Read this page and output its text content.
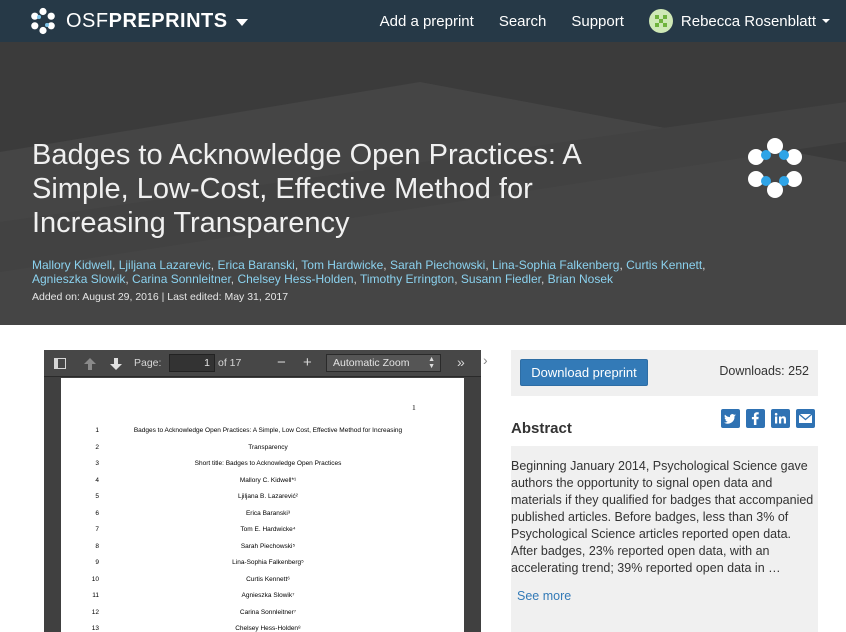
OSF PREPRINTS	Add a preprint Search Support	Rebecca Rosenblatt
Badges to Acknowledge Open Practices: A Simple, Low-Cost, Effective Method for Increasing Transparency
Mallory Kidwell, Ljiljana Lazarevic, Erica Baranski, Tom Hardwicke, Sarah Piechowski, Lina-Sophia Falkenberg, Curtis Kennett, Agnieszka Slowik, Carina Sonnleitner, Chelsey Hess-Holden, Timothy Errington, Susann Fiedler, Brian Nosek
Added on: August 29, 2016 | Last edited: May 31, 2017
Page:	1 of 17 − +	Automatic Zoom	▲
▼ »
1
1	Badges to Acknowledge Open Practices: A Simple, Low Cost, Effective Method for Increasing
2	Transparency
3	Short title: Badges to Acknowledge Open Practices
4	Mallory C. Kidwell*¹
5	Ljiljana B. Lazarević²
6	Erica Baranski³
7	Tom E. Hardwicke⁴
8	Sarah Piechowski⁵
9	Lina-Sophia Falkenberg⁵
10	Curtis Kennett⁶
11	Agnieszka Slowik⁷
12	Carina Sonnleitner⁷
13	Chelsey Hess-Holden⁸
›
Download preprint	Downloads: 252
Abstract

Beginning January 2014, Psychological Science gave authors the opportunity to signal open data and materials if they qualified for badges that accompanied published articles. Before badges, less than 3% of Psychological Science articles reported open data. After badges, 23% reported open data, with an accelerating trend; 39% reported open data in …

See more
